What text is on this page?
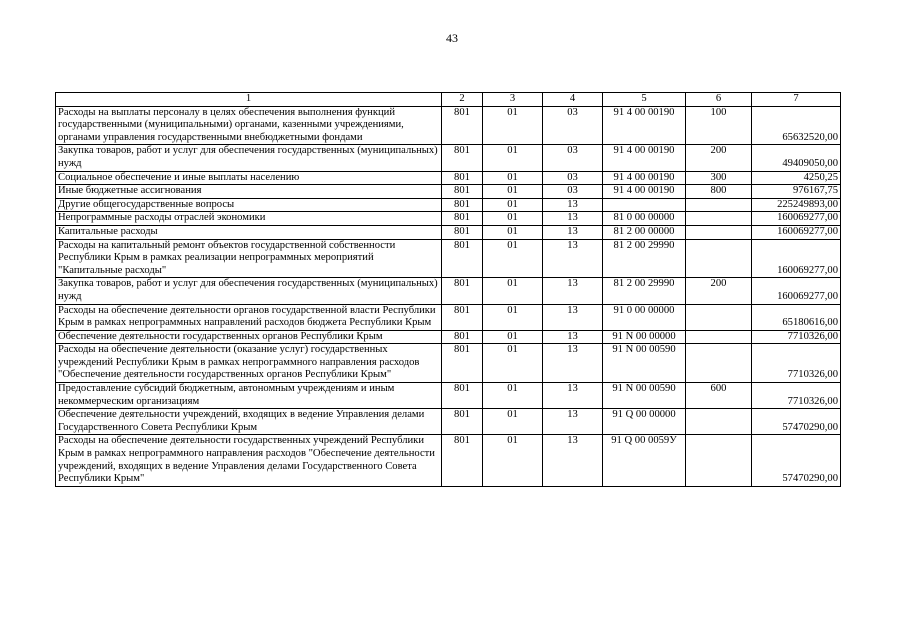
43
1	2	3	4	5	6	7
Расходы на выплаты персоналу в целях обеспечения выполнения функций государственными (муниципальными) органами, казенными учреждениями, органами управления государственными внебюджетными фондами	801	01	03	91 4 00 00190	100	65632520,00
Закупка товаров, работ и услуг для обеспечения государственных (муниципальных) нужд	801	01	03	91 4 00 00190	200	49409050,00
Социальное обеспечение и иные выплаты населению	801	01	03	91 4 00 00190	300	4250,25
Иные бюджетные ассигнования	801	01	03	91 4 00 00190	800	976167,75
Другие общегосударственные вопросы	801	01	13			225249893,00
Непрограммные расходы отраслей экономики	801	01	13	81 0 00 00000		160069277,00
Капитальные расходы	801	01	13	81 2 00 00000		160069277,00
Расходы на капитальный ремонт объектов государственной собственности Республики Крым в рамках реализации непрограммных мероприятий "Капитальные расходы"	801	01	13	81 2 00 29990		160069277,00
Закупка товаров, работ и услуг для обеспечения государственных (муниципальных) нужд	801	01	13	81 2 00 29990	200	160069277,00
Расходы на обеспечение деятельности органов государственной власти Республики Крым в рамках непрограммных направлений расходов бюджета Республики Крым	801	01	13	91 0 00 00000		65180616,00
Обеспечение деятельности государственных органов Республики Крым	801	01	13	91 N 00 00000		7710326,00
Расходы на обеспечение деятельности (оказание услуг) государственных учреждений Республики Крым в рамках непрограммного направления расходов "Обеспечение деятельности государственных органов Республики Крым"	801	01	13	91 N 00 00590		7710326,00
Предоставление субсидий бюджетным, автономным учреждениям и иным некоммерческим организациям	801	01	13	91 N 00 00590	600	7710326,00
Обеспечение деятельности учреждений, входящих в ведение Управления делами Государственного Совета Республики Крым	801	01	13	91 Q 00 00000		57470290,00
Расходы на обеспечение деятельности государственных учреждений Республики Крым в рамках непрограммного направления расходов "Обеспечение деятельности учреждений, входящих в ведение Управления делами Государственного Совета Республики Крым"	801	01	13	91 Q 00 0059У		57470290,00
